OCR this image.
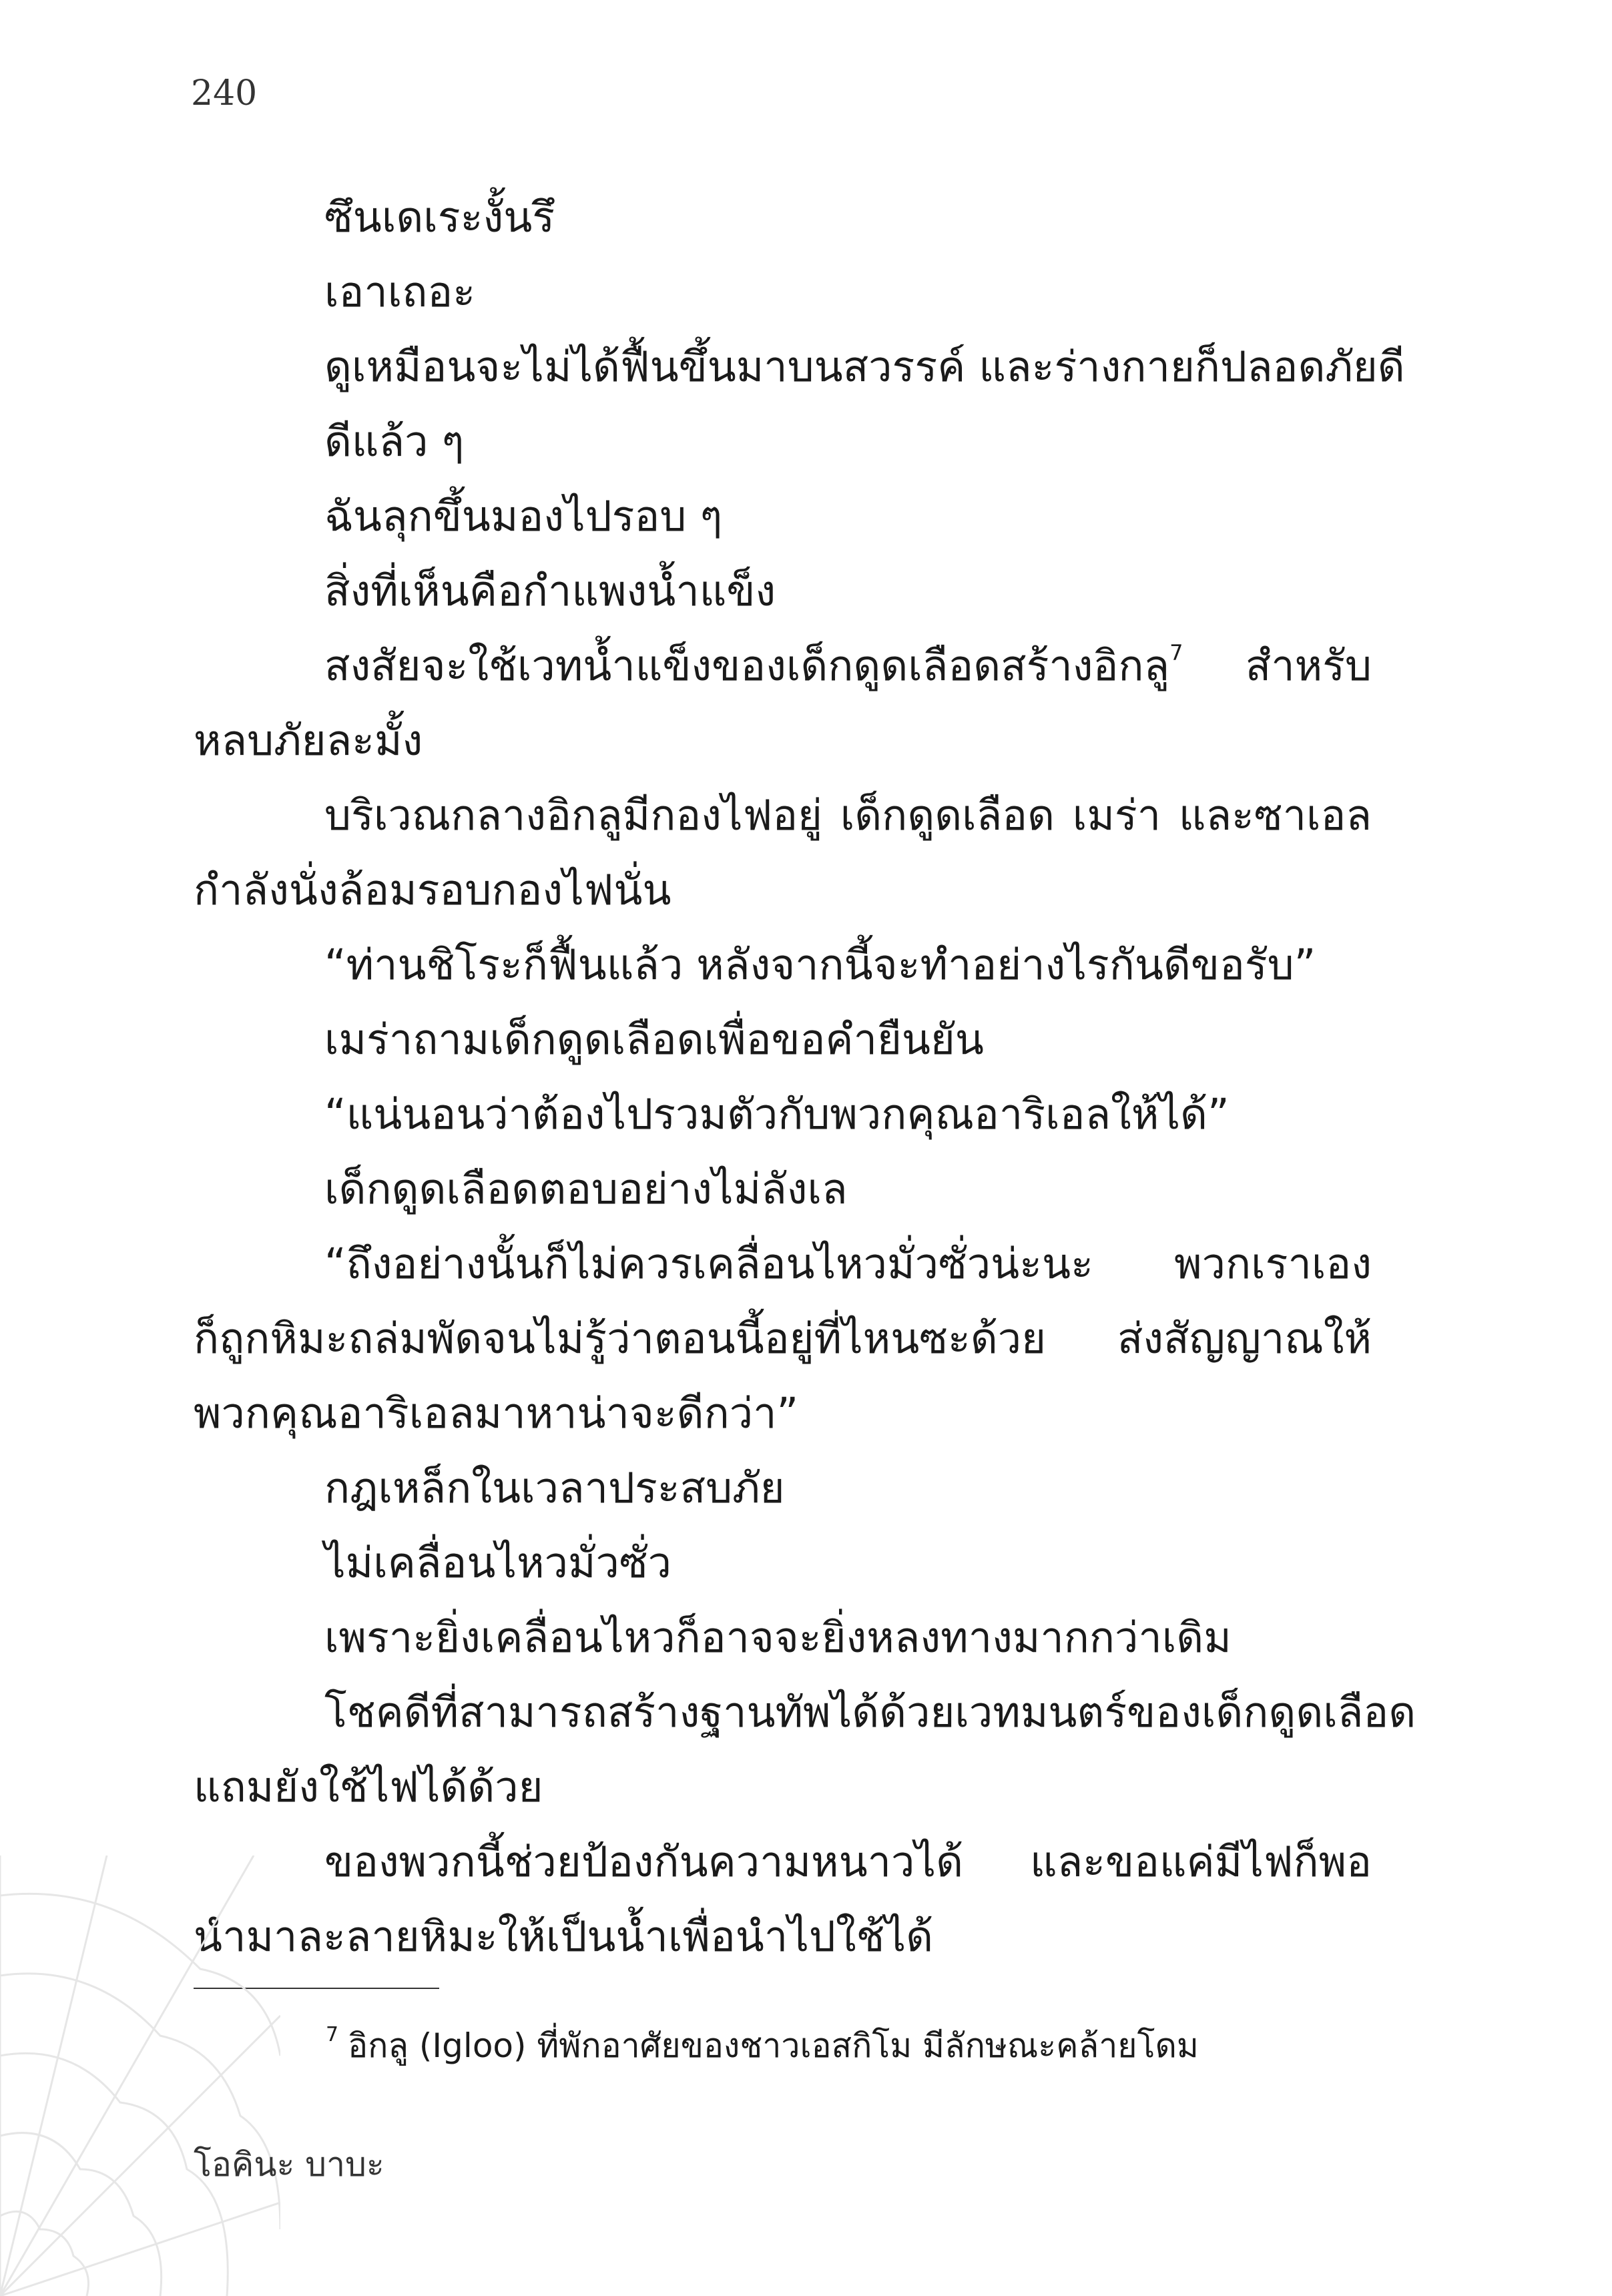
240
ซึนเดเระงั้นรึ
เอาเถอะ
ดูเหมือนจะไม่ได้ฟื้นขึ้นมาบนสวรรค์ และร่างกายก็ปลอดภัยดี
ดีแล้ว ๆ
ฉันลุกขึ้นมองไปรอบ ๆ
สิ่งที่เห็นคือกำแพงน้ำแข็ง
สงสัยจะใช้เวทน้ำแข็งของเด็กดูดเลือดสร้างอิกลู$^7$ สำหรับ
หลบภัยละมั้ง
บริเวณกลางอิกลูมีกองไฟอยู่ เด็กดูดเลือด เมร่า และซาเอล
กำลังนั่งล้อมรอบกองไฟนั่น
“ท่านชิโระก็ฟื้นแล้ว หลังจากนี้จะทำอย่างไรกันดีขอรับ”
เมร่าถามเด็กดูดเลือดเพื่อขอคำยืนยัน
“แน่นอนว่าต้องไปรวมตัวกับพวกคุณอาริเอลให้ได้”
เด็กดูดเลือดตอบอย่างไม่ลังเล
“ถึงอย่างนั้นก็ไม่ควรเคลื่อนไหวมั่วซั่วน่ะนะ พวกเราเอง
ก็ถูกหิมะถล่มพัดจนไม่รู้ว่าตอนนี้อยู่ที่ไหนซะด้วย ส่งสัญญาณให้
พวกคุณอาริเอลมาหาน่าจะดีกว่า”
กฎเหล็กในเวลาประสบภัย
ไม่เคลื่อนไหวมั่วซั่ว
เพราะยิ่งเคลื่อนไหวก็อาจจะยิ่งหลงทางมากกว่าเดิม
โชคดีที่สามารถสร้างฐานทัพได้ด้วยเวทมนตร์ของเด็กดูดเลือด
แถมยังใช้ไฟได้ด้วย
ของพวกนี้ช่วยป้องกันความหนาวได้ และขอแค่มีไฟก็พอ
นำมาละลายหิมะให้เป็นน้ำเพื่อนำไปใช้ได้
$^7$ อิกลู (Igloo) ที่พักอาศัยของชาวเอสกิโม มีลักษณะคล้ายโดม
โอคินะ บาบะ
